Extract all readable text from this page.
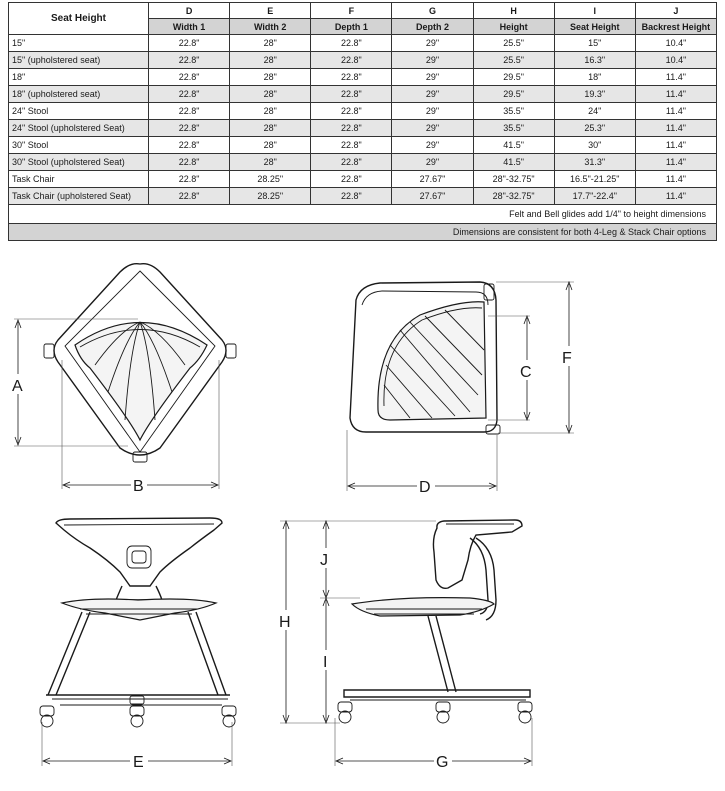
Seat Height	D	E	F	G	H	I	J
	Width 1	Width 2	Depth 1	Depth 2	Height	Seat Height	Backrest Height
15"	22.8"	28"	22.8"	29"	25.5"	15"	10.4"
15" (upholstered seat)	22.8"	28"	22.8"	29"	25.5"	16.3"	10.4"
18"	22.8"	28"	22.8"	29"	29.5"	18"	11.4"
18" (upholstered seat)	22.8"	28"	22.8"	29"	29.5"	19.3"	11.4"
24" Stool	22.8"	28"	22.8"	29"	35.5"	24"	11.4"
24" Stool (upholstered Seat)	22.8"	28"	22.8"	29"	35.5"	25.3"	11.4"
30" Stool	22.8"	28"	22.8"	29"	41.5"	30"	11.4"
30" Stool (upholstered Seat)	22.8"	28"	22.8"	29"	41.5"	31.3"	11.4"
Task Chair	22.8"	28.25"	22.8"	27.67"	28"-32.75"	16.5"-21.25"	11.4"
Task Chair (upholstered Seat)	22.8"	28.25"	22.8"	27.67"	28"-32.75"	17.7"-22.4"	11.4"
Felt and Bell glides add 1/4" to height dimensions							
Dimensions are consistent for both 4-Leg & Stack Chair options							
A
B
C
F
D
E
H
J
I
G
